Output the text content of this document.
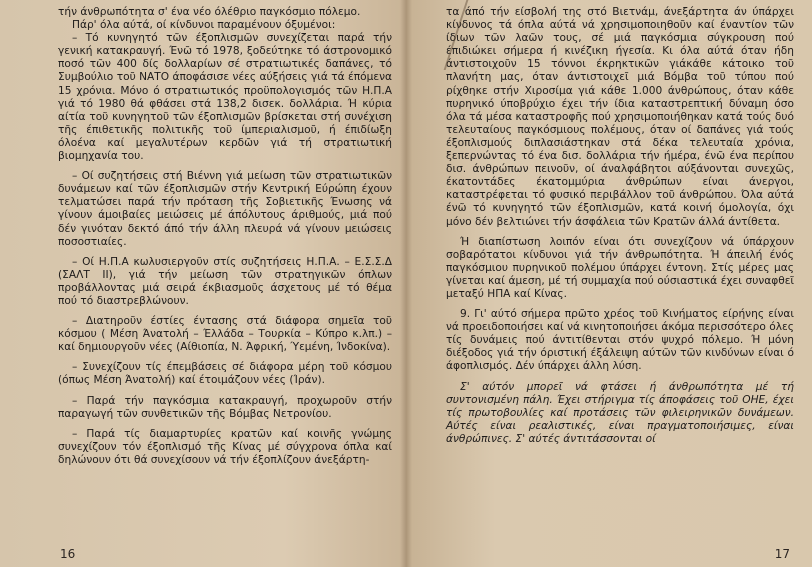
τήν άνθρωπότητα σ' ένα νέο όλέθριο παγκόσμιο πόλεμο.

Πάρ' όλα αύτά, οί κίνδυνοι παραμένουν όξυμένοι:

– Τό κυνηγητό τῶν έξοπλισμῶν συνεχίζεται παρά τήν γενική κατακραυγή. Ένῶ τό 1978, ξοδεύτηκε τό άστρονομικό ποσό τῶν 400 δίς δολλαρίων σέ στρατιωτικές δαπάνες, τό Συμβούλιο τοῦ ΝΑΤΟ άποφάσισε νέες αύξήσεις γιά τά έπόμενα 15 χρόνια. Μόνο ό στρατιωτικός προϋπολογισμός τῶν Η.Π.Α γιά τό 1980 θά φθάσει στά 138,2 δισεκ. δολλάρια. Ή κύρια αίτία τοῦ κυνηγητοῦ τῶν έξοπλισμῶν βρίσκεται στή συνέχιση τῆς έπιθετικῆς πολιτικῆς τοῦ ίμπεριαλισμοῦ, ή έπιδίωξη όλοένα καί μεγαλυτέρων κερδῶν γιά τή στρατιωτική βιομηχανία του.

– Οί συζητήσεις στή Βιέννη γιά μείωση τῶν στρατιωτικῶν δυνάμεων καί τῶν έξοπλισμῶν στήν Κεντρική Εύρώπη έχουν τελματώσει παρά τήν πρόταση τῆς Σοβιετικῆς Ένωσης νά γίνουν άμοιβαίες μειώσεις μέ άπόλυτους άριθμούς, μιά πού δέν γινόταν δεκτό άπό τήν άλλη πλευρά νά γίνουν μειώσεις ποσοστιαίες.

– Οί Η.Π.Α κωλυσιεργοῦν στίς συζητήσεις Η.Π.Α. – Ε.Σ.Σ.Δ (ΣΑΛΤ ΙΙ), γιά τήν μείωση τῶν στρατηγικῶν όπλων προβάλλοντας μιά σειρά έκβιασμοῦς άσχετους μέ τό θέμα πού τό διαστρεβλώνουν.

– Διατηροῦν έστίες έντασης στά διάφορα σημεῖα τοῦ κόσμου ( Μέση Άνατολή – Έλλάδα – Τουρκία – Κύπρο κ.λπ.) – καί δημιουργοῦν νέες (Αίθιοπία, Ν. Άφρική, Ύεμένη, Ίνδοκίνα).

– Συνεχίζουν τίς έπεμβάσεις σέ διάφορα μέρη τοῦ κόσμου (όπως Μέση Άνατολή) καί έτοιμάζουν νέες (Ίράν).

– Παρά τήν παγκόσμια κατακραυγή, προχωροῦν στήν παραγωγή τῶν συνθετικῶν τῆς Βόμβας Νετρονίου.

– Παρά τίς διαμαρτυρίες κρατῶν καί κοινῆς γνώμης συνεχίζουν τόν έξοπλισμό τῆς Κίνας μέ σύγχρονα όπλα καί δηλώνουν ότι θά συνεχίσουν νά τήν έξοπλίζουν άνεξάρτη-

16

τα άπό τήν είσβολή της στό Βιετνάμ, άνεξάρτητα άν ύπάρχει κίνδυνος τά όπλα αύτά νά χρησιμοποιηθοῦν καί έναντίον τῶν ίδιων τῶν λαῶν τους, σέ μιά παγκόσμια σύγκρουση πού έπιδιώκει σήμερα ή κινέζικη ήγεσία. Κι όλα αύτά όταν ήδη άντιστοιχοῦν 15 τόννοι έκρηκτικῶν γιάκάθε κάτοικο τοῦ πλανήτη μας, όταν άντιστοιχεῖ μιά Βόμβα τοῦ τύπου πού ρίχθηκε στήν Χιροσίμα γιά κάθε 1.000 άνθρώπους, όταν κάθε πυρηνικό ύποβρύχιο έχει τήν ίδια καταστρεπτική δύναμη όσο όλα τά μέσα καταστροφῆς πού χρησιμοποιήθηκαν κατά τούς δυό τελευταίους παγκόσμιους πολέμους, όταν οί δαπάνες γιά τούς έξοπλισμούς διπλασιάστηκαν στά δέκα τελευταία χρόνια, ξεπερνώντας τό ένα δισ. δολλάρια τήν ήμέρα, ένῶ ένα περίπου δισ. άνθρώπων πεινοῦν, οί άναλφάβητοι αύξάνονται συνεχῶς, έκατοντάδες έκατομμύρια άνθρώπων είναι άνεργοι, καταστρέφεται τό φυσικό περιβάλλον τοῦ άνθρώπου. Όλα αύτά ένῶ τό κυνηγητό τῶν έξοπλισμῶν, κατά κοινή όμολογία, όχι μόνο δέν βελτιώνει τήν άσφάλεια τῶν Κρατῶν άλλά άντίθετα.

Ή διαπίστωση λοιπόν είναι ότι συνεχίζουν νά ύπάρχουν σοβαρότατοι κίνδυνοι γιά τήν άνθρωπότητα. Ή άπειλή ένός παγκόσμιου πυρηνικοῦ πολέμου ύπάρχει έντονη. Στίς μέρες μας γίνεται καί άμεση, μέ τή συμμαχία πού ούσιαστικά έχει συναφθεῖ μεταξύ ΗΠΑ καί Κίνας.

9. Γι' αύτό σήμερα πρῶτο χρέος τοῦ Κινήματος είρήνης είναι νά προειδοποιήσει καί νά κινητοποιήσει άκόμα περισσότερο όλες τίς δυνάμεις πού άντιτίθενται στόν ψυχρό πόλεμο. Ή μόνη διέξοδος γιά τήν όριστική έξάλειψη αύτῶν τῶν κινδύνων είναι ό άφοπλισμός. Δέν ύπάρχει άλλη λύση.

Σ' αύτόν μπορεῖ νά φτάσει ή άνθρωπότητα μέ τή συντονισμένη πάλη. Έχει στήριγμα τίς άποφάσεις τοῦ ΟΗΕ, έχει τίς πρωτοβουλίες καί προτάσεις τῶν φιλειρηνικῶν δυνάμεων. Αύτές είναι ρεαλιστικές, είναι πραγματοποιήσιμες, είναι άνθρώπινες. Σ' αύτές άντιτάσσονται οί

17
